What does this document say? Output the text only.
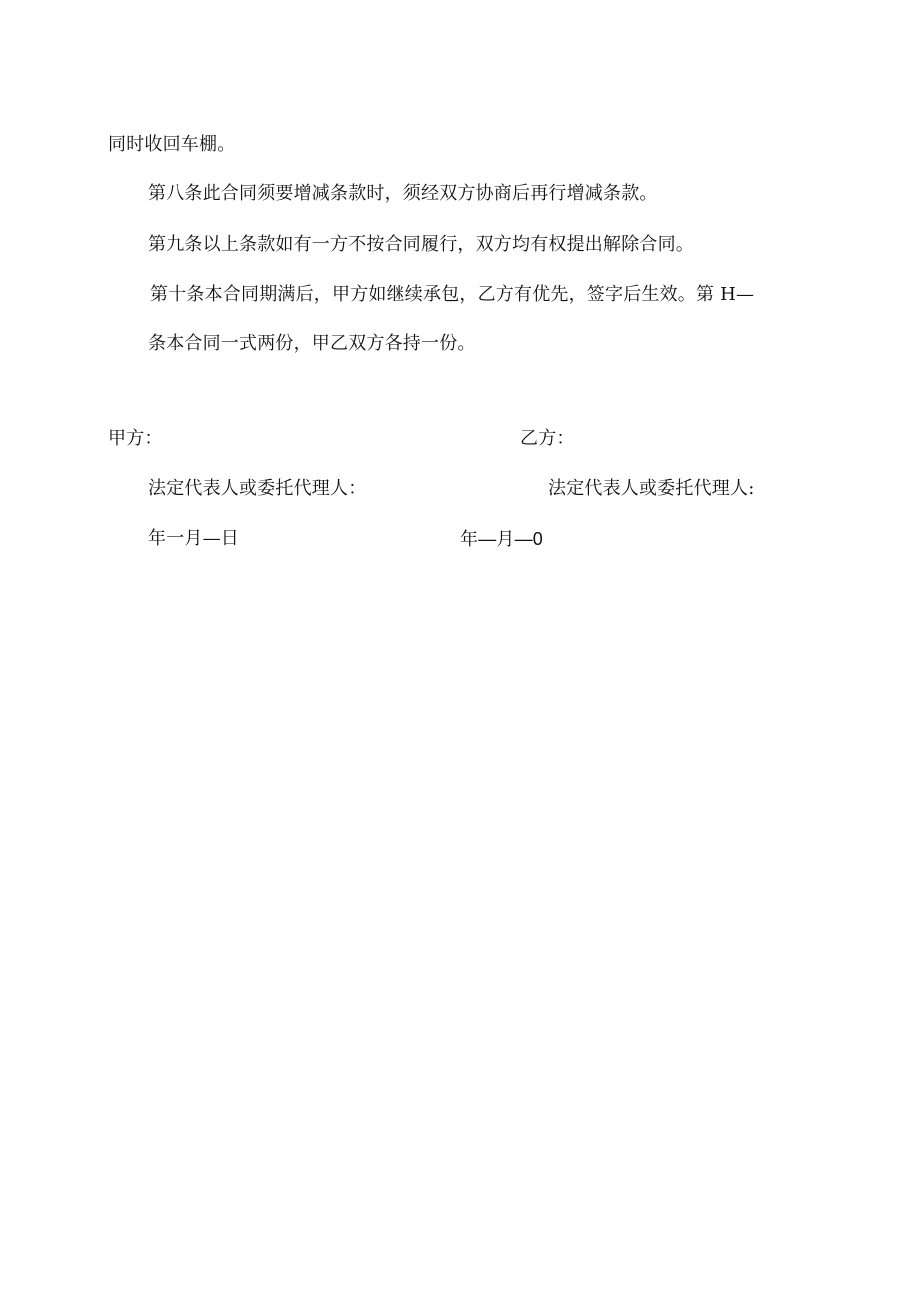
同时收回车棚。
第八条此合同须要增减条款时，须经双方协商后再行增减条款。
第九条以上条款如有一方不按合同履行，双方均有权提出解除合同。
第十条本合同期满后，甲方如继续承包，乙方有优先，签字后生效。第 H—
条本合同一式两份，甲乙双方各持一份。
甲方：	乙方：
法定代表人或委托代理人：	法定代表人或委托代理人:
年一月—日	年—月—0
